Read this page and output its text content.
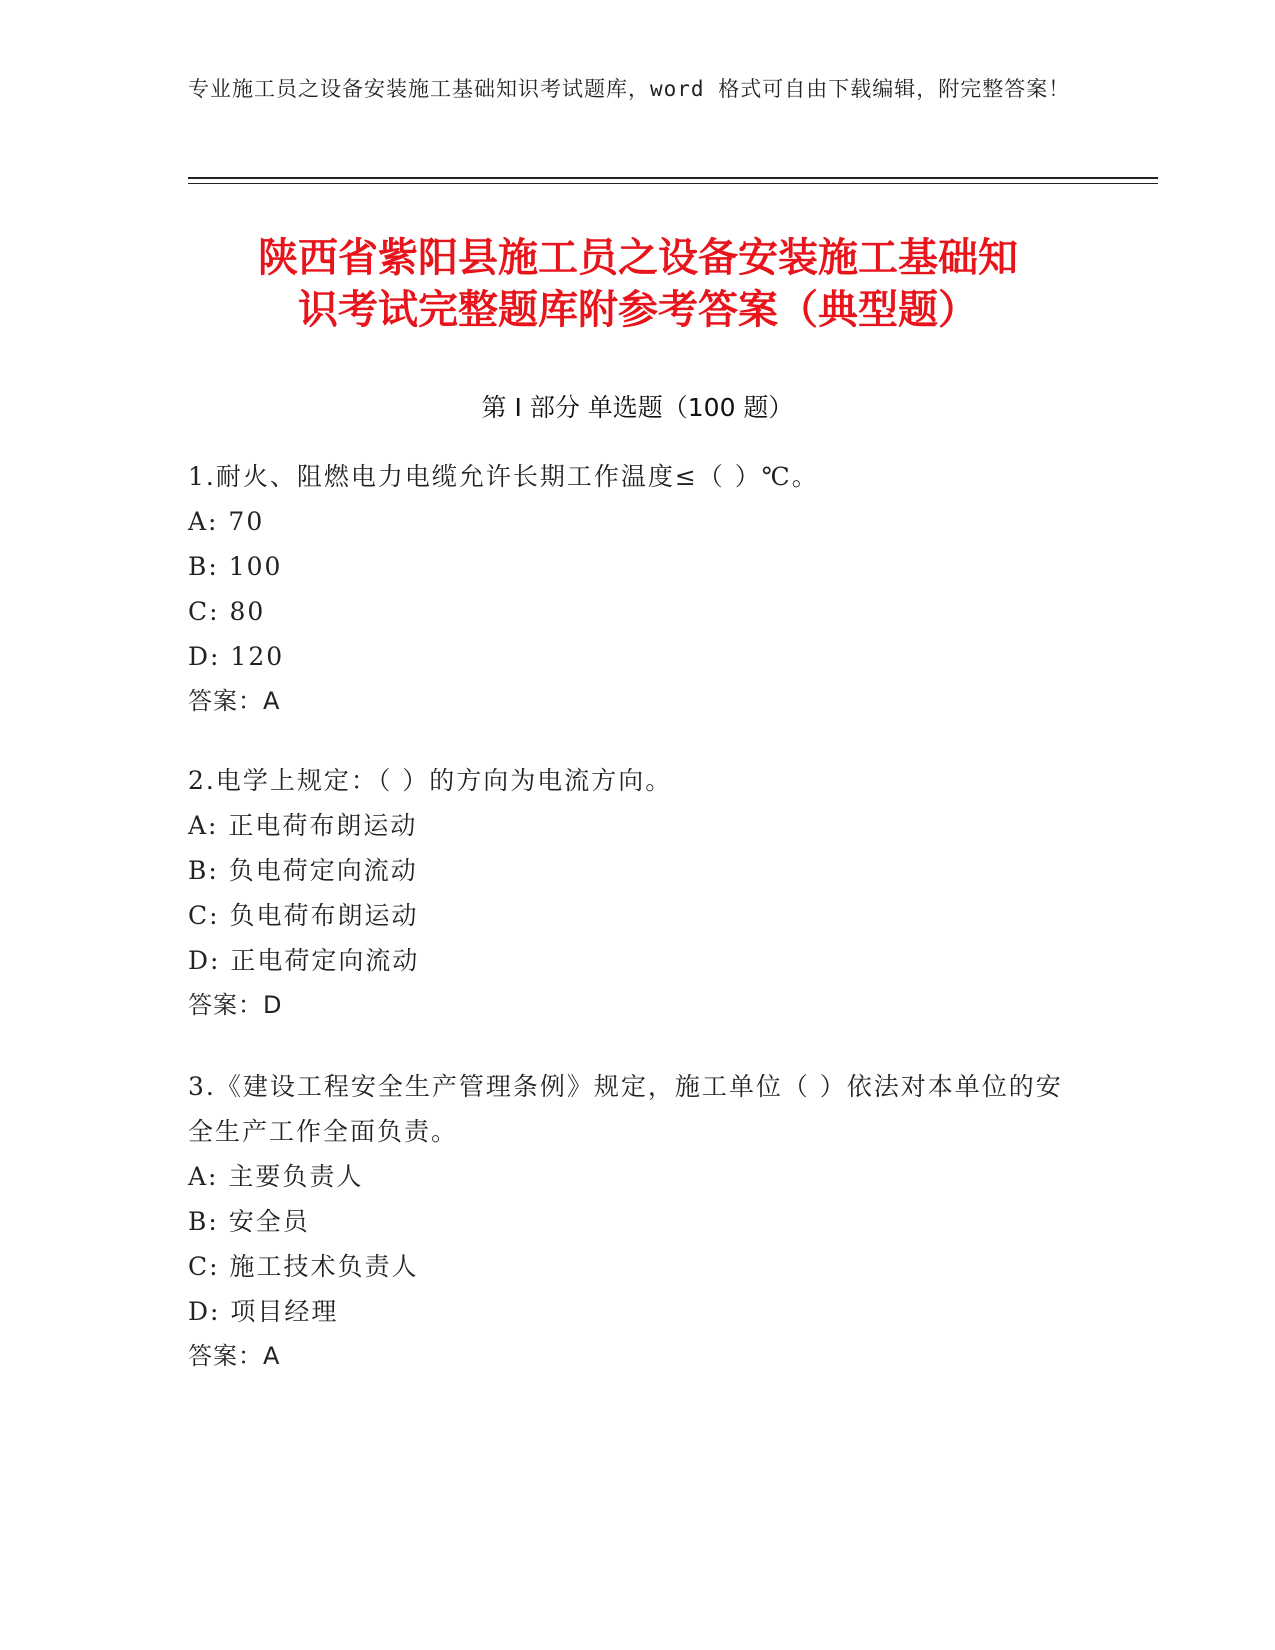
专业施工员之设备安装施工基础知识考试题库，word 格式可自由下载编辑，附完整答案！
陕西省紫阳县施工员之设备安装施工基础知
识考试完整题库附参考答案（典型题）
第 I 部分 单选题（100 题）
1.耐火、阻燃电力电缆允许长期工作温度≤（ ）℃。
A: 70
B: 100
C: 80
D: 120
答案：A
2.电学上规定：（ ）的方向为电流方向。
A: 正电荷布朗运动
B: 负电荷定向流动
C: 负电荷布朗运动
D: 正电荷定向流动
答案：D
3.《建设工程安全生产管理条例》规定，施工单位（ ）依法对本单位的安全生产工作全面负责。
A: 主要负责人
B: 安全员
C: 施工技术负责人
D: 项目经理
答案：A
